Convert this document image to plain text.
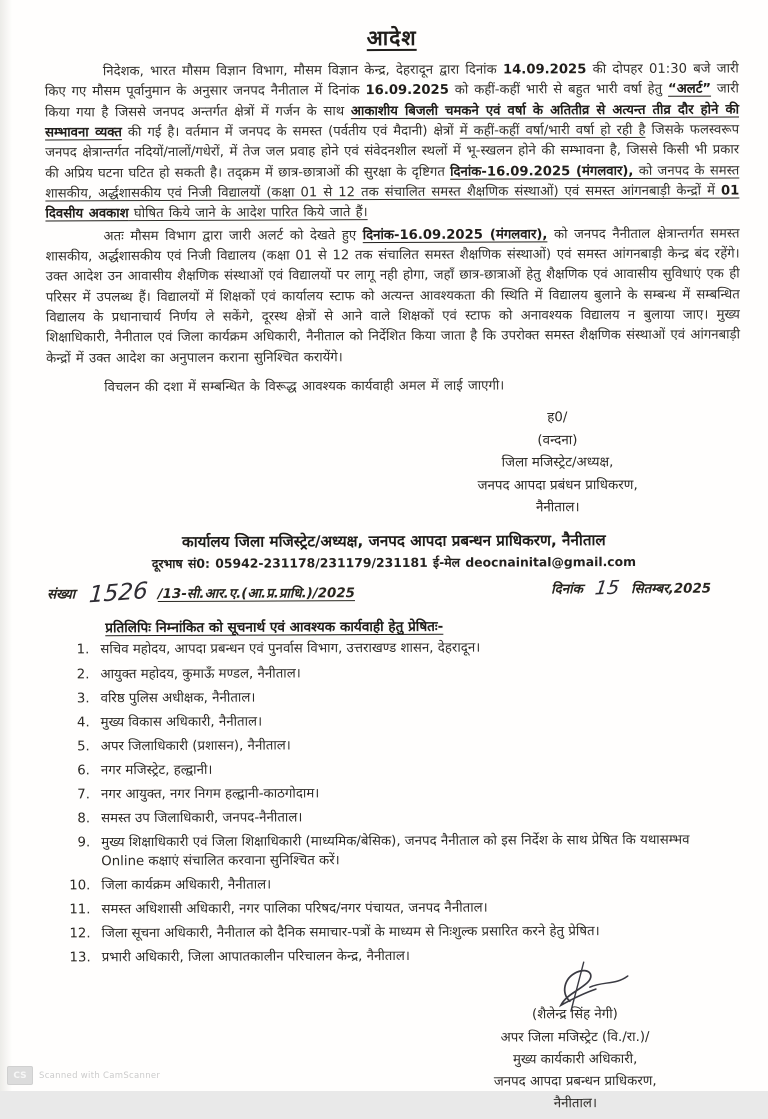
आदेश

निदेशक, भारत मौसम विज्ञान विभाग, मौसम विज्ञान केन्द्र, देहरादून द्वारा दिनांक 14.09.2025 की दोपहर 01:30 बजे जारी किए गए मौसम पूर्वानुमान के अनुसार जनपद नैनीताल में दिनांक 16.09.2025 को कहीं-कहीं भारी से बहुत भारी वर्षा हेतु “अलर्ट” जारी किया गया है जिससे जनपद अन्तर्गत क्षेत्रों में गर्जन के साथ आकाशीय बिजली चमकने एवं वर्षा के अतितीव्र से अत्यन्त तीव्र दौर होने की सम्भावना व्यक्त की गई है। वर्तमान में जनपद के समस्त (पर्वतीय एवं मैदानी) क्षेत्रों में कहीं-कहीं वर्षा/भारी वर्षा हो रही है जिसके फलस्वरूप जनपद क्षेत्रान्तर्गत नदियों/नालों/गधेरों, में तेज जल प्रवाह होने एवं संवेदनशील स्थलों में भू-स्खलन होने की सम्भावना है, जिससे किसी भी प्रकार की अप्रिय घटना घटित हो सकती है। तद्क्रम में छात्र-छात्राओं की सुरक्षा के दृष्टिगत दिनांक-16.09.2025 (मंगलवार), को जनपद के समस्त शासकीय, अर्द्धशासकीय एवं निजी विद्यालयों (कक्षा 01 से 12 तक संचालित समस्त शैक्षणिक संस्थाओं) एवं समस्त आंगनबाड़ी केन्द्रों में 01 दिवसीय अवकाश घोषित किये जाने के आदेश पारित किये जाते हैं।

अतः मौसम विभाग द्वारा जारी अलर्ट को देखते हुए दिनांक-16.09.2025 (मंगलवार), को जनपद नैनीताल क्षेत्रान्तर्गत समस्त शासकीय, अर्द्धशासकीय एवं निजी विद्यालय (कक्षा 01 से 12 तक संचालित समस्त शैक्षणिक संस्थाओं) एवं समस्त आंगनबाड़ी केन्द्र बंद रहेंगे। उक्त आदेश उन आवासीय शैक्षणिक संस्थाओं एवं विद्यालयों पर लागू नही होगा, जहाँ छात्र-छात्राओं हेतु शैक्षणिक एवं आवासीय सुविधाएं एक ही परिसर में उपलब्ध हैं। विद्यालयों में शिक्षकों एवं कार्यालय स्टाफ को अत्यन्त आवश्यकता की स्थिति में विद्यालय बुलाने के सम्बन्ध में सम्बन्धित विद्यालय के प्रधानाचार्य निर्णय ले सकेंगे, दूरस्थ क्षेत्रों से आने वाले शिक्षकों एवं स्टाफ को अनावश्यक विद्यालय न बुलाया जाए। मुख्य शिक्षाधिकारी, नैनीताल एवं जिला कार्यक्रम अधिकारी, नैनीताल को निर्देशित किया जाता है कि उपरोक्त समस्त शैक्षणिक संस्थाओं एवं आंगनबाड़ी केन्द्रों में उक्त आदेश का अनुपालन कराना सुनिश्चित करायेंगे।

विचलन की दशा में सम्बन्धित के विरूद्ध आवश्यक कार्यवाही अमल में लाई जाएगी।

ह0/

(वन्दना)

जिला मजिस्ट्रेट/अध्यक्ष,

जनपद आपदा प्रबंधन प्राधिकरण,

नैनीताल।

कार्यालय जिला मजिस्ट्रेट/अध्यक्ष, जनपद आपदा प्रबन्धन प्राधिकरण, नैनीताल
दूरभाष सं0: 05942-231178/231179/231181 ई-मेल deocnainital@gmail.com
संख्या 1526 /13-सी.आर.ए.(आ.प्र.प्राधि.)/2025	दिनांक 15 सितम्बर,2025
प्रतिलिपिः निम्नांकित को सूचनार्थ एवं आवश्यक कार्यवाही हेतु प्रेषितः-
1. सचिव महोदय, आपदा प्रबन्धन एवं पुनर्वास विभाग, उत्तराखण्ड शासन, देहरादून।
2. आयुक्त महोदय, कुमाऊँ मण्डल, नैनीताल।
3. वरिष्ठ पुलिस अधीक्षक, नैनीताल।
4. मुख्य विकास अधिकारी, नैनीताल।
5. अपर जिलाधिकारी (प्रशासन), नैनीताल।
6. नगर मजिस्ट्रेट, हल्द्वानी।
7. नगर आयुक्त, नगर निगम हल्द्वानी-काठगोदाम।
8. समस्त उप जिलाधिकारी, जनपद-नैनीताल।
9. मुख्य शिक्षाधिकारी एवं जिला शिक्षाधिकारी (माध्यमिक/बेसिक), जनपद नैनीताल को इस निर्देश के साथ प्रेषित कि यथासम्भव Online कक्षाएं संचालित करवाना सुनिश्चित करें।
10. जिला कार्यक्रम अधिकारी, नैनीताल।
11. समस्त अधिशासी अधिकारी, नगर पालिका परिषद/नगर पंचायत, जनपद नैनीताल।
12. जिला सूचना अधिकारी, नैनीताल को दैनिक समाचार-पत्रों के माध्यम से निःशुल्क प्रसारित करने हेतु प्रेषित।
13. प्रभारी अधिकारी, जिला आपातकालीन परिचालन केन्द्र, नैनीताल।

(शैलेन्द्र सिंह नेगी)

अपर जिला मजिस्ट्रेट (वि./रा.)/

मुख्य कार्यकारी अधिकारी,

जनपद आपदा प्रबन्धन प्राधिकरण,

नैनीताल।

CS	Scanned with CamScanner
